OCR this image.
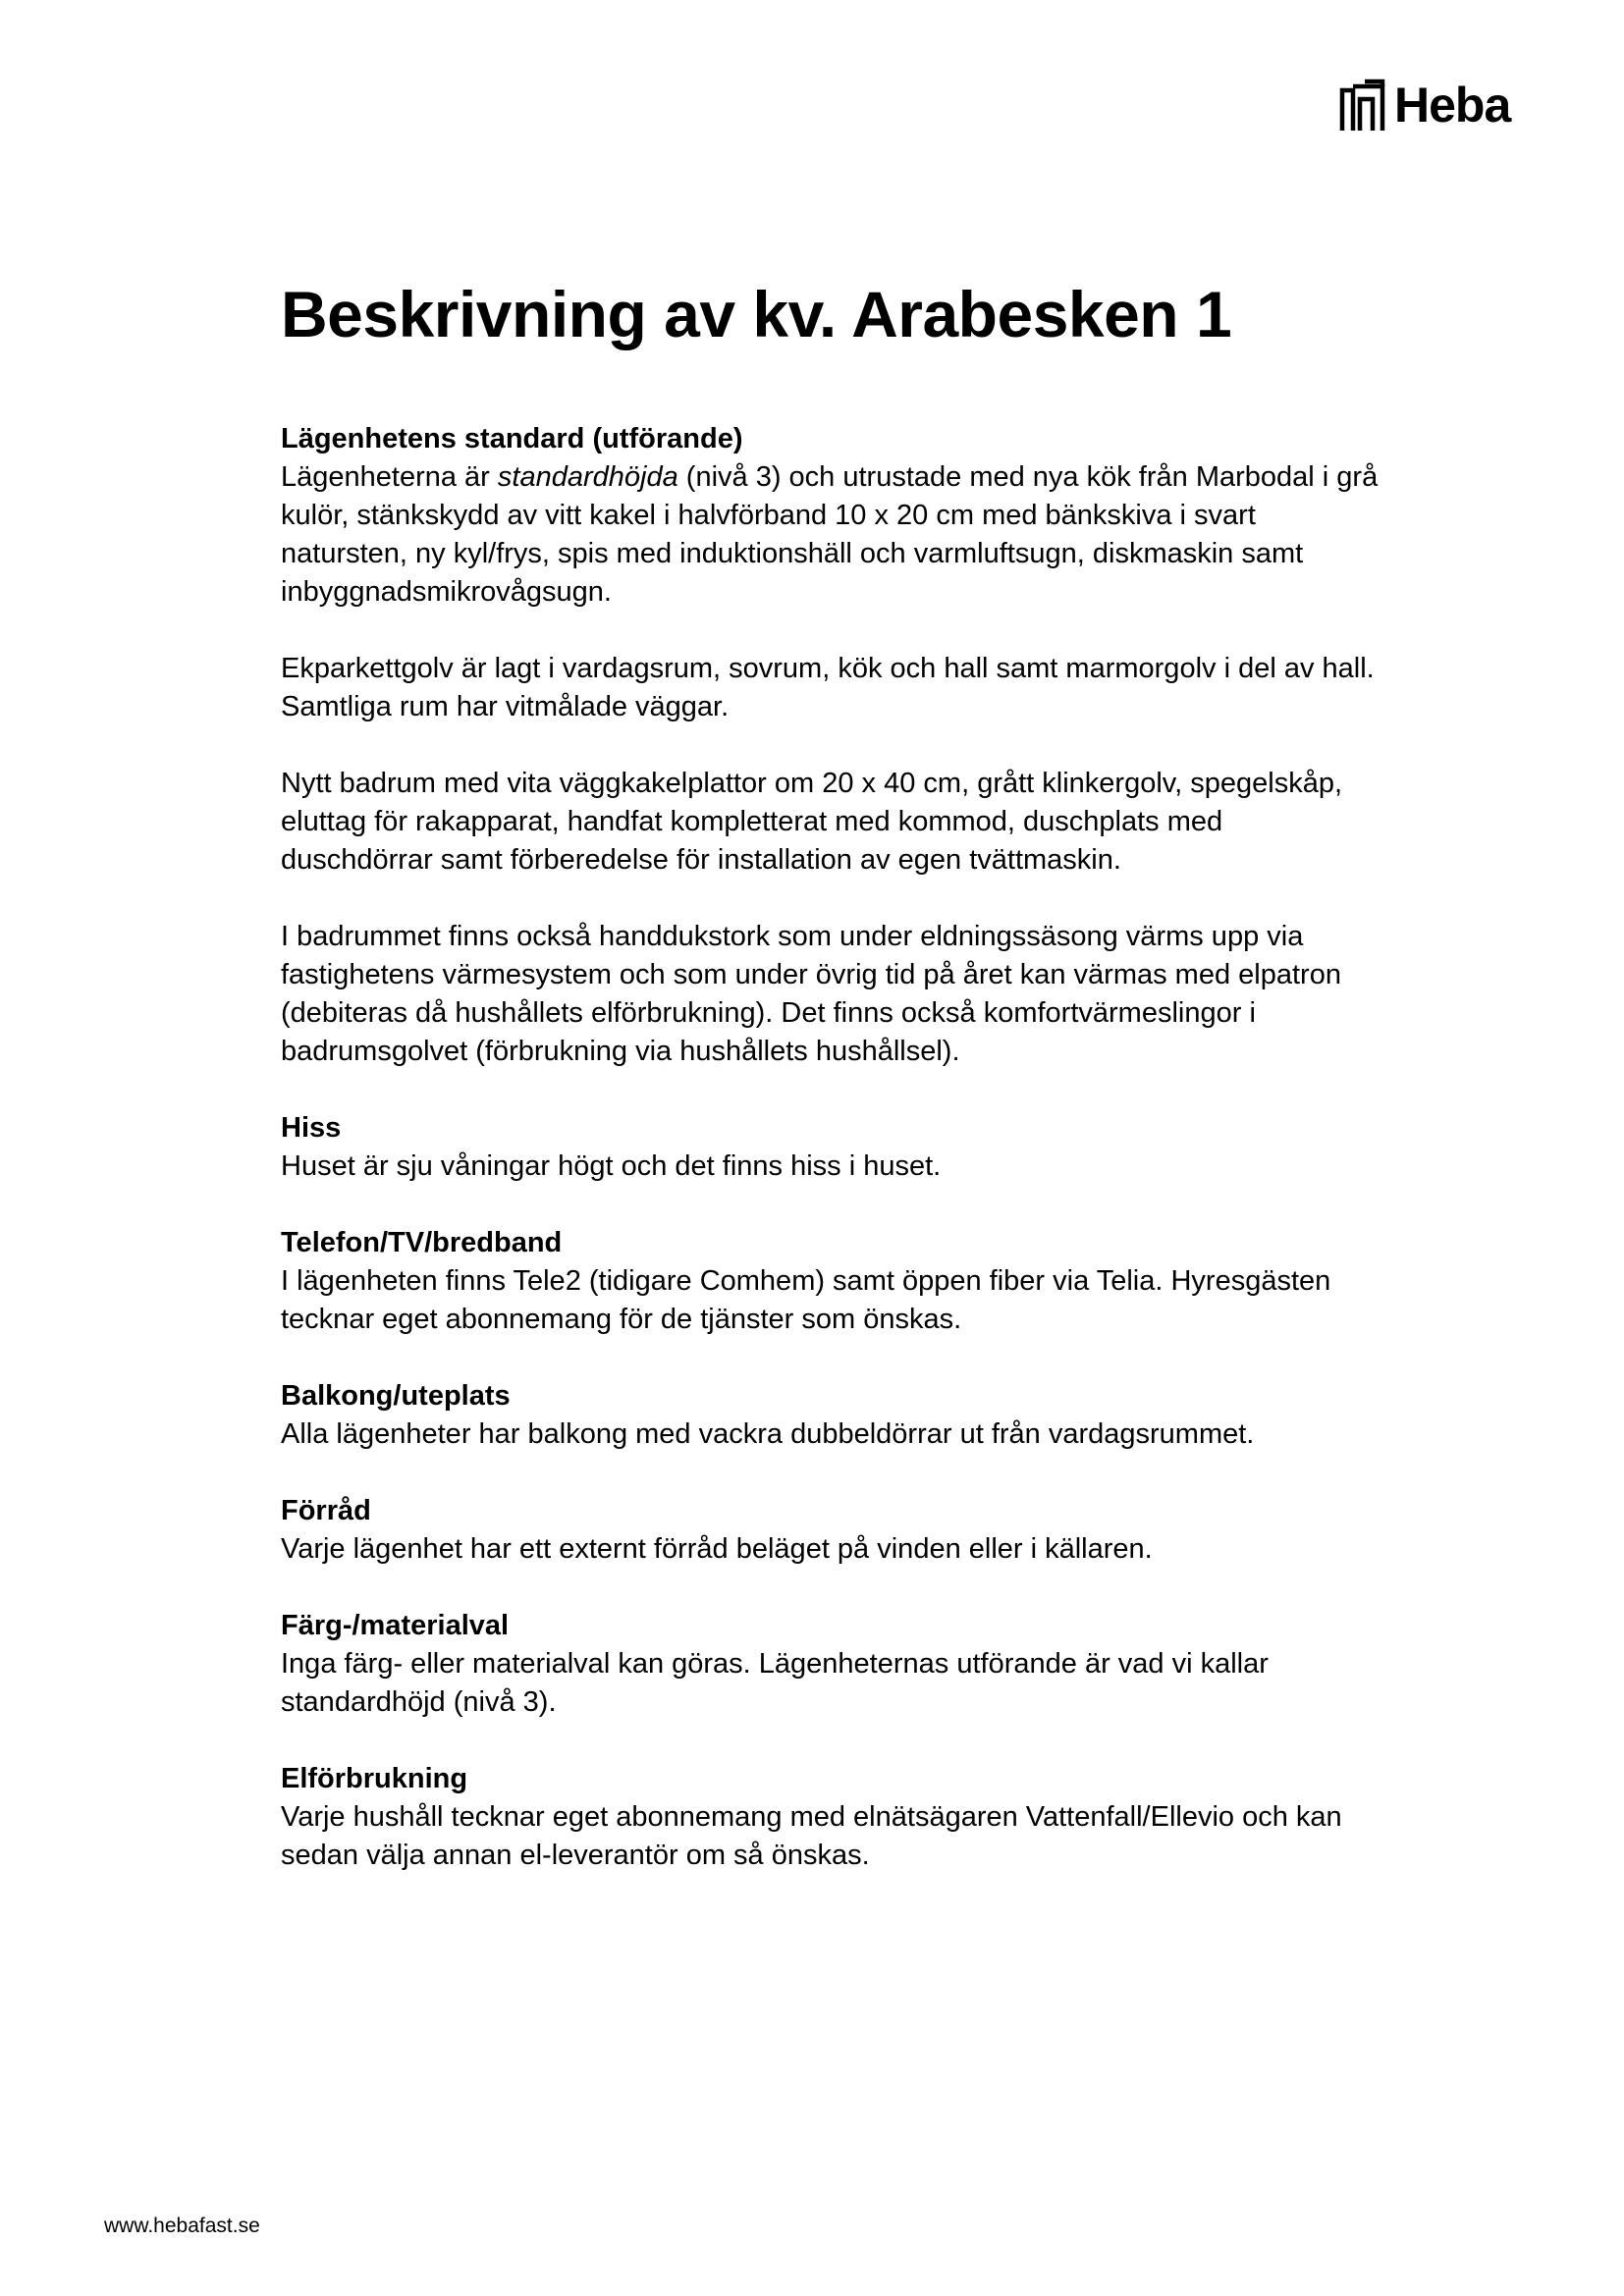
Heba
Beskrivning av kv. Arabesken 1
Lägenhetens standard (utförande)

Lägenheterna är standardhöjda (nivå 3) och utrustade med nya kök från Marbodal i grå kulör, stänkskydd av vitt kakel i halvförband 10 x 20 cm med bänkskiva i svart natursten, ny kyl/frys, spis med induktionshäll och varmluftsugn, diskmaskin samt inbyggnadsmikrovågsugn.

Ekparkettgolv är lagt i vardagsrum, sovrum, kök och hall samt marmorgolv i del av hall. Samtliga rum har vitmålade väggar.

Nytt badrum med vita väggkakelplattor om 20 x 40 cm, grått klinkergolv, spegelskåp, eluttag för rakapparat, handfat kompletterat med kommod, duschplats med duschdörrar samt förberedelse för installation av egen tvättmaskin.

I badrummet finns också handdukstork som under eldningssäsong värms upp via fastighetens värmesystem och som under övrig tid på året kan värmas med elpatron (debiteras då hushållets elförbrukning). Det finns också komfortvärmeslingor i badrumsgolvet (förbrukning via hushållets hushållsel).

Hiss

Huset är sju våningar högt och det finns hiss i huset.

Telefon/TV/bredband

I lägenheten finns Tele2 (tidigare Comhem) samt öppen fiber via Telia. Hyresgästen tecknar eget abonnemang för de tjänster som önskas.

Balkong/uteplats

Alla lägenheter har balkong med vackra dubbeldörrar ut från vardagsrummet.

Förråd

Varje lägenhet har ett externt förråd beläget på vinden eller i källaren.

Färg-/materialval

Inga färg- eller materialval kan göras. Lägenheternas utförande är vad vi kallar standardhöjd (nivå 3).

Elförbrukning

Varje hushåll tecknar eget abonnemang med elnätsägaren Vattenfall/Ellevio och kan sedan välja annan el-leverantör om så önskas.

www.hebafast.se
